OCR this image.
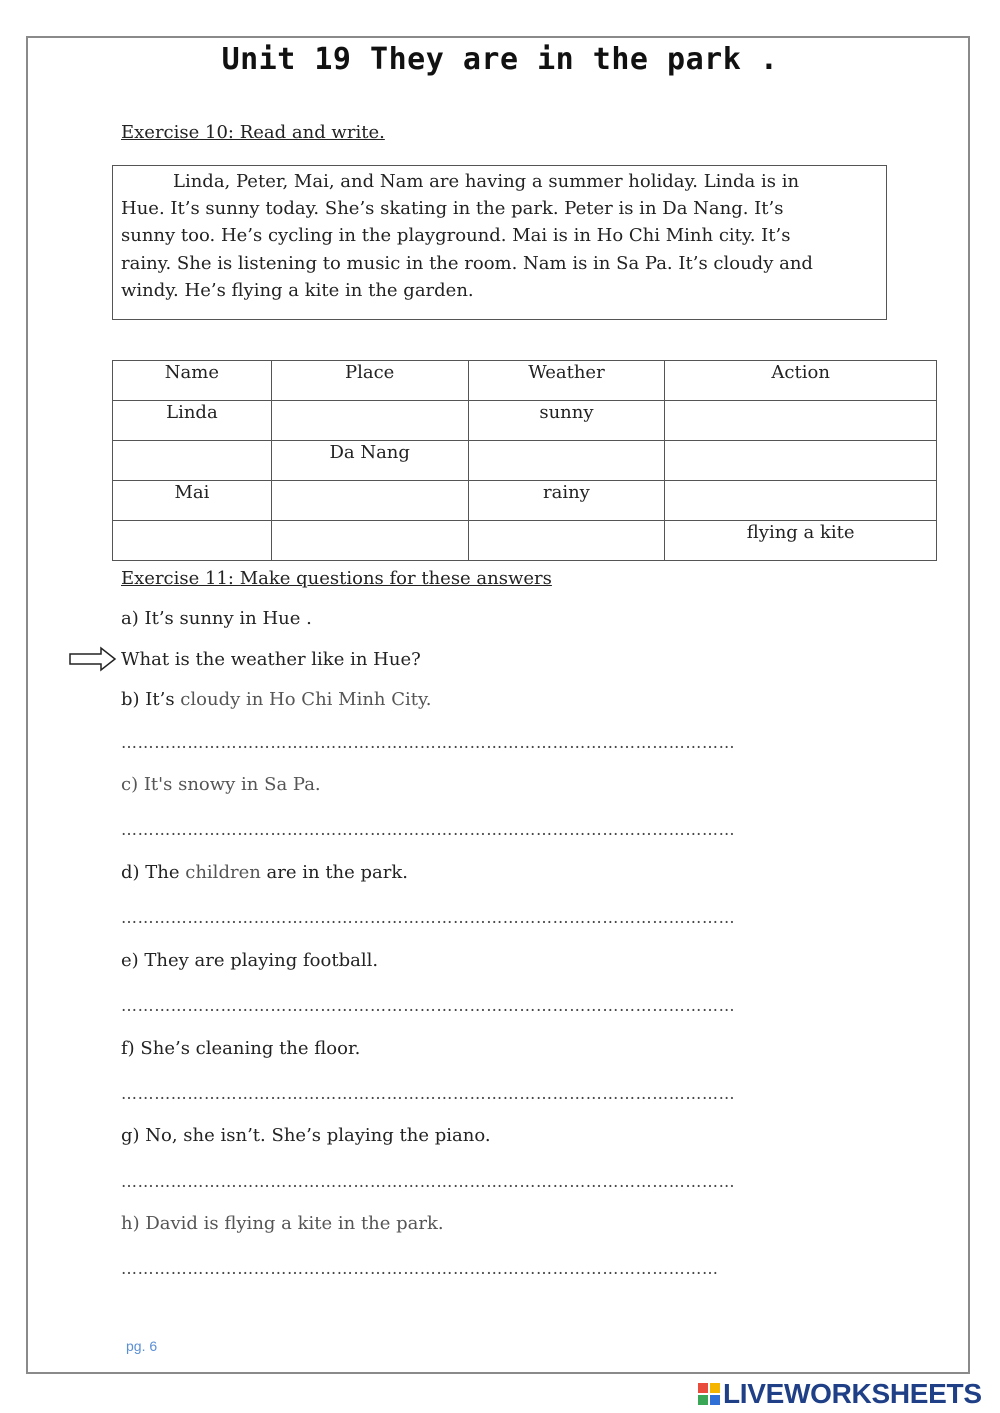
Unit 19 They are in the park .
Exercise 10: Read and write.
Linda, Peter, Mai, and Nam are having a summer holiday. Linda is in
Hue. It’s sunny today. She’s skating in the park. Peter is in Da Nang. It’s
sunny too. He’s cycling in the playground. Mai is in Ho Chi Minh city. It’s
rainy. She is listening to music in the room. Nam is in Sa Pa. It’s cloudy and
windy. He’s flying a kite in the garden.
Name	Place	Weather	Action
Linda		sunny	
	Da Nang		
Mai		rainy	
			flying a kite
Exercise 11: Make questions for these answers
a) It’s sunny in Hue .
What is the weather like in Hue?
b) It’s cloudy in Ho Chi Minh City.
…………………………………………………………………………………………………
c) It's snowy in Sa Pa.
…………………………………………………………………………………………………
d) The children are in the park.
…………………………………………………………………………………………………
e) They are playing football.
…………………………………………………………………………………………………
f) She’s cleaning the floor.
…………………………………………………………………………………………………
g) No, she isn’t. She’s playing the piano.
…………………………………………………………………………………………………
h) David is flying a kite in the park.
………………………………………………………………………………………………
pg. 6
LIVEWORKSHEETS
